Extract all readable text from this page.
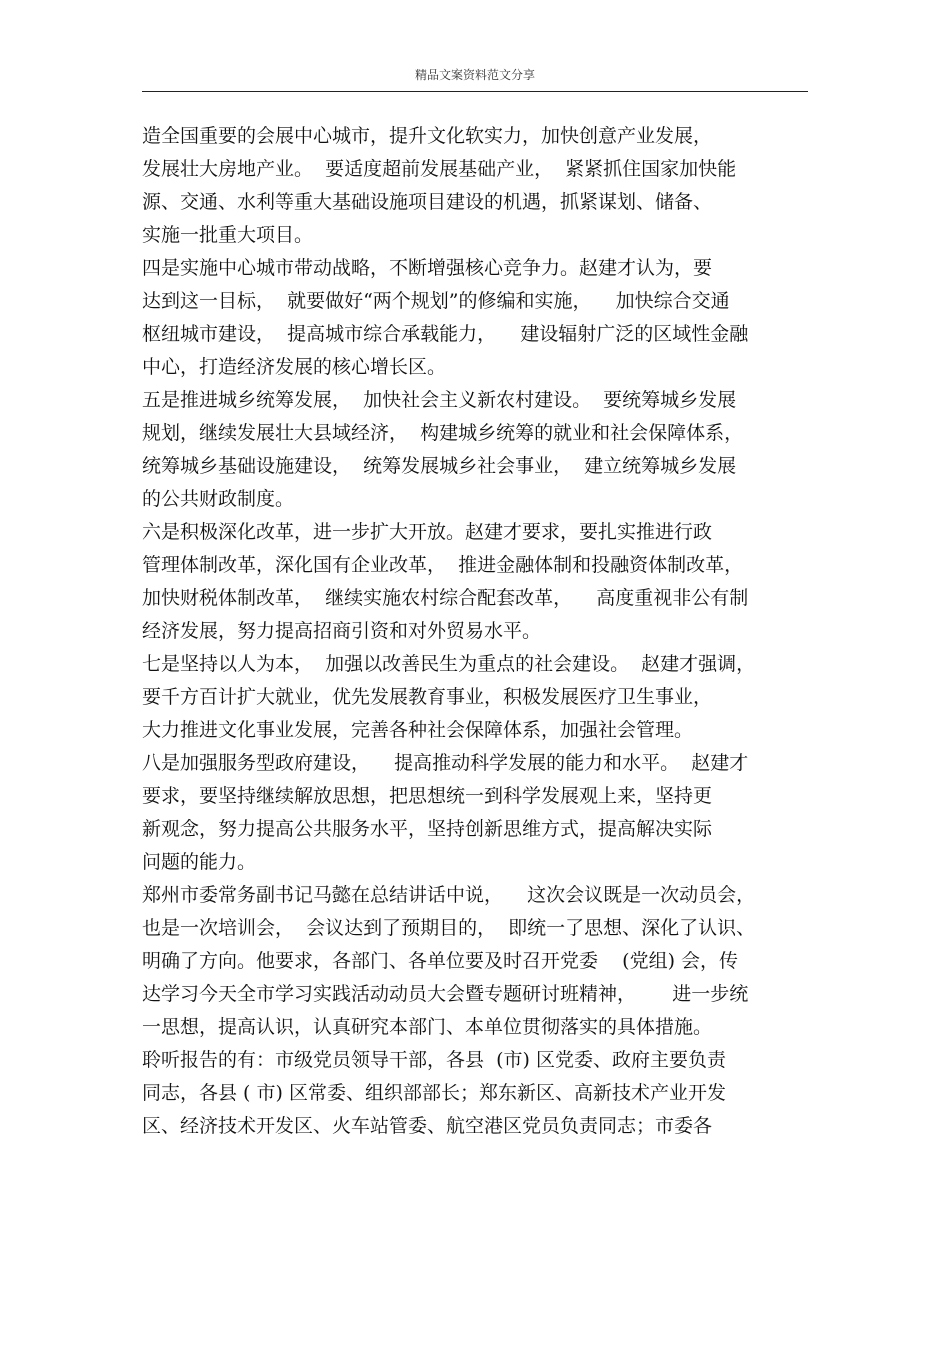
精品文案资料范文分享
造全国重要的会展中心城市，提升文化软实力，加快创意产业发展，
发展壮大房地产业。  要适度超前发展基础产业，  紧紧抓住国家加快能
源、交通、水利等重大基础设施项目建设的机遇，抓紧谋划、储备、
实施一批重大项目。
四是实施中心城市带动战略，不断增强核心竞争力。赵建才认为，要
达到这一目标，  就要做好“两个规划”的修编和实施，    加快综合交通
枢纽城市建设，  提高城市综合承载能力，    建设辐射广泛的区域性金融
中心，打造经济发展的核心增长区。
五是推进城乡统筹发展，  加快社会主义新农村建设。  要统筹城乡发展
规划，继续发展壮大县域经济，  构建城乡统筹的就业和社会保障体系，
统筹城乡基础设施建设，  统筹发展城乡社会事业，  建立统筹城乡发展
的公共财政制度。
六是积极深化改革，进一步扩大开放。赵建才要求，要扎实推进行政
管理体制改革，深化国有企业改革，  推进金融体制和投融资体制改革，
加快财税体制改革，  继续实施农村综合配套改革，    高度重视非公有制
经济发展，努力提高招商引资和对外贸易水平。
七是坚持以人为本，  加强以改善民生为重点的社会建设。  赵建才强调，
要千方百计扩大就业，优先发展教育事业，积极发展医疗卫生事业，
大力推进文化事业发展，完善各种社会保障体系，加强社会管理。
八是加强服务型政府建设，    提高推动科学发展的能力和水平。  赵建才
要求，要坚持继续解放思想，把思想统一到科学发展观上来，坚持更
新观念，努力提高公共服务水平，坚持创新思维方式，提高解决实际
问题的能力。
郑州市委常务副书记马懿在总结讲话中说，    这次会议既是一次动员会，
也是一次培训会，  会议达到了预期目的，  即统一了思想、深化了认识、
明确了方向。他要求，各部门、各单位要及时召开党委    (党组) 会，传
达学习今天全市学习实践活动动员大会暨专题研讨班精神，      进一步统
一思想，提高认识，认真研究本部门、本单位贯彻落实的具体措施。
聆听报告的有：市级党员领导干部，各县  (市) 区党委、政府主要负责
同志，各县 ( 市) 区常委、组织部部长；郑东新区、高新技术产业开发
区、经济技术开发区、火车站管委、航空港区党员负责同志；市委各
